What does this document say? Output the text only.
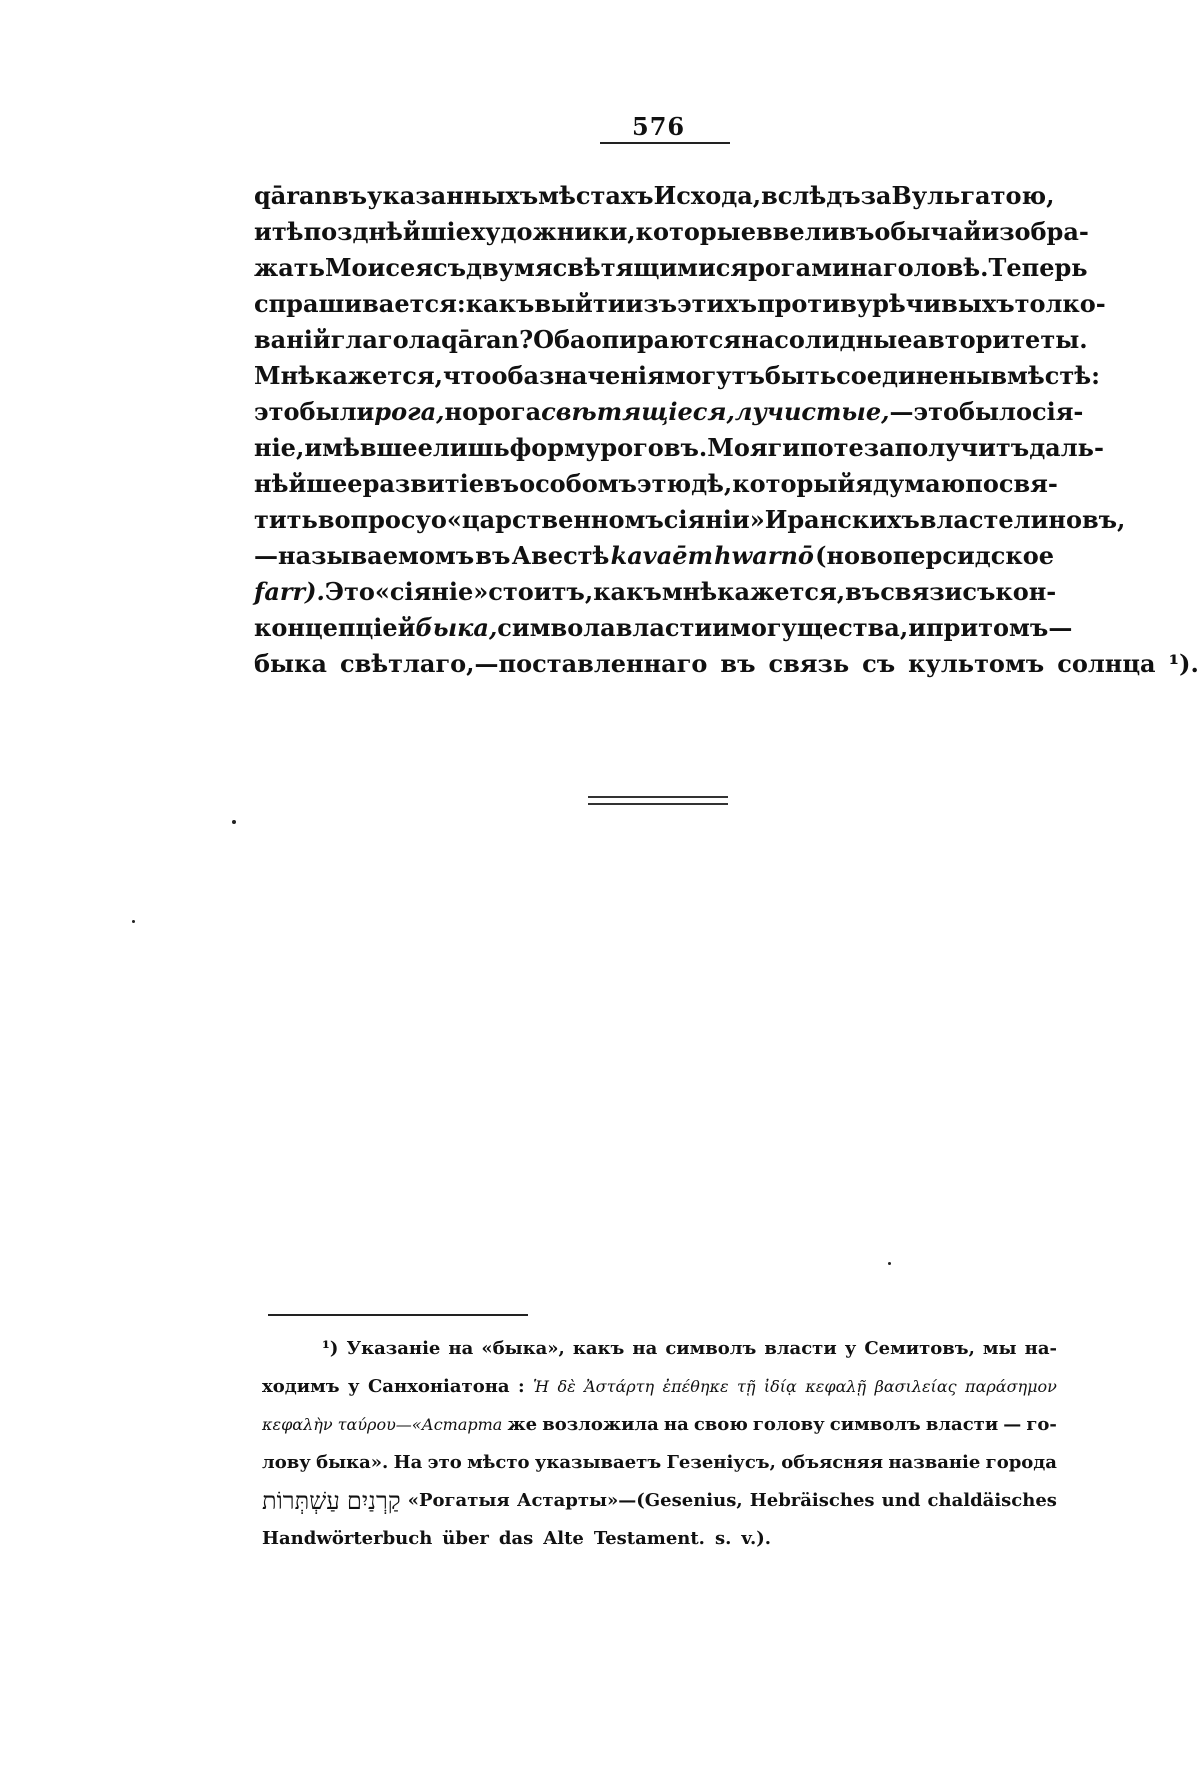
576
qāran въ указанныхъ мѣстахъ Исхода, вслѣдъ за Вульгатою,
и тѣ позднѣйшіе художники, которые ввели въ обычай изобра-
жать Моисея съ двумя свѣтящимися рогами на головѣ. Теперь
спрашивается: какъ выйти изъ этихъ противурѣчивыхъ толко-
ваній глагола qāran? Оба опираются на солидные авторитеты.
Мнѣ кажется, что оба значенія могутъ быть соединены вмѣстѣ:
это были рога, но рога свѣтящіеся, лучистые, — это было сія-
ніе, имѣвшее лишь форму роговъ. Моя гипотеза получитъ даль-
нѣйшее развитіе въ особомъ этюдѣ, который я думаю посвя-
тить вопросу о «царственномъ сіяніи» Иранскихъ властелиновъ,
—называемомъ въ Авестѣ kavaēm hwarnō (новоперсидское
farr). Это «сіяніе» стоитъ, какъ мнѣ кажется, въ связи съ кон-
концепціей быка, символа власти и могущества, и притомъ —
быка свѣтлаго,—поставленнаго въ связь съ культомъ солнца ¹).
¹) Указаніе на «быка», какъ на символъ власти у Семитовъ, мы на-
ходимъ у Санхоніатона : Ἡ δὲ Ἀστάρτη ἐπέθηκε τῇ ἰδίᾳ κεφαλῇ βασιλείας παράσημον
κεφαλὴν ταύρου—«Астарта же возложила на свою голову символъ власти — го-
лову быка». На это мѣсто указываетъ Гезеніусъ, объясняя названіе города
עַשְׁתְּרוֹת קַרְנַיִם «Рогатыя Астарты»—(Gesenius, Hebräisches und chaldäisches
Handwörterbuch über das Alte Testament. s. v.).
